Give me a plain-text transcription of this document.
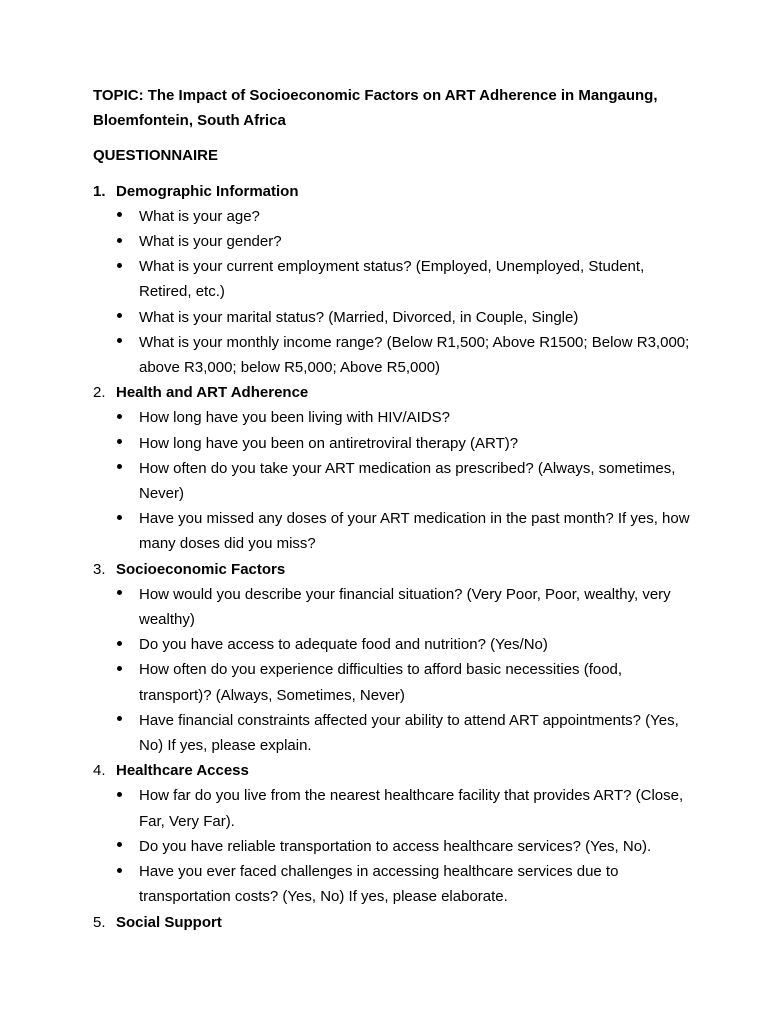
TOPIC: The Impact of Socioeconomic Factors on ART Adherence in Mangaung, Bloemfontein, South Africa

QUESTIONNAIRE

1. Demographic Information
What is your age?
What is your gender?
What is your current employment status? (Employed, Unemployed, Student, Retired, etc.)
What is your marital status? (Married, Divorced, in Couple, Single)
What is your monthly income range? (Below R1,500; Above R1500; Below R3,000; above R3,000; below R5,000; Above R5,000)
2. Health and ART Adherence
How long have you been living with HIV/AIDS?
How long have you been on antiretroviral therapy (ART)?
How often do you take your ART medication as prescribed? (Always, sometimes, Never)
Have you missed any doses of your ART medication in the past month? If yes, how many doses did you miss?
3. Socioeconomic Factors
How would you describe your financial situation? (Very Poor, Poor, wealthy, very wealthy)
Do you have access to adequate food and nutrition? (Yes/No)
How often do you experience difficulties to afford basic necessities (food, transport)? (Always, Sometimes, Never)
Have financial constraints affected your ability to attend ART appointments? (Yes, No) If yes, please explain.
4. Healthcare Access
How far do you live from the nearest healthcare facility that provides ART? (Close, Far, Very Far).
Do you have reliable transportation to access healthcare services? (Yes, No).
Have you ever faced challenges in accessing healthcare services due to transportation costs? (Yes, No) If yes, please elaborate.
5. Social Support
